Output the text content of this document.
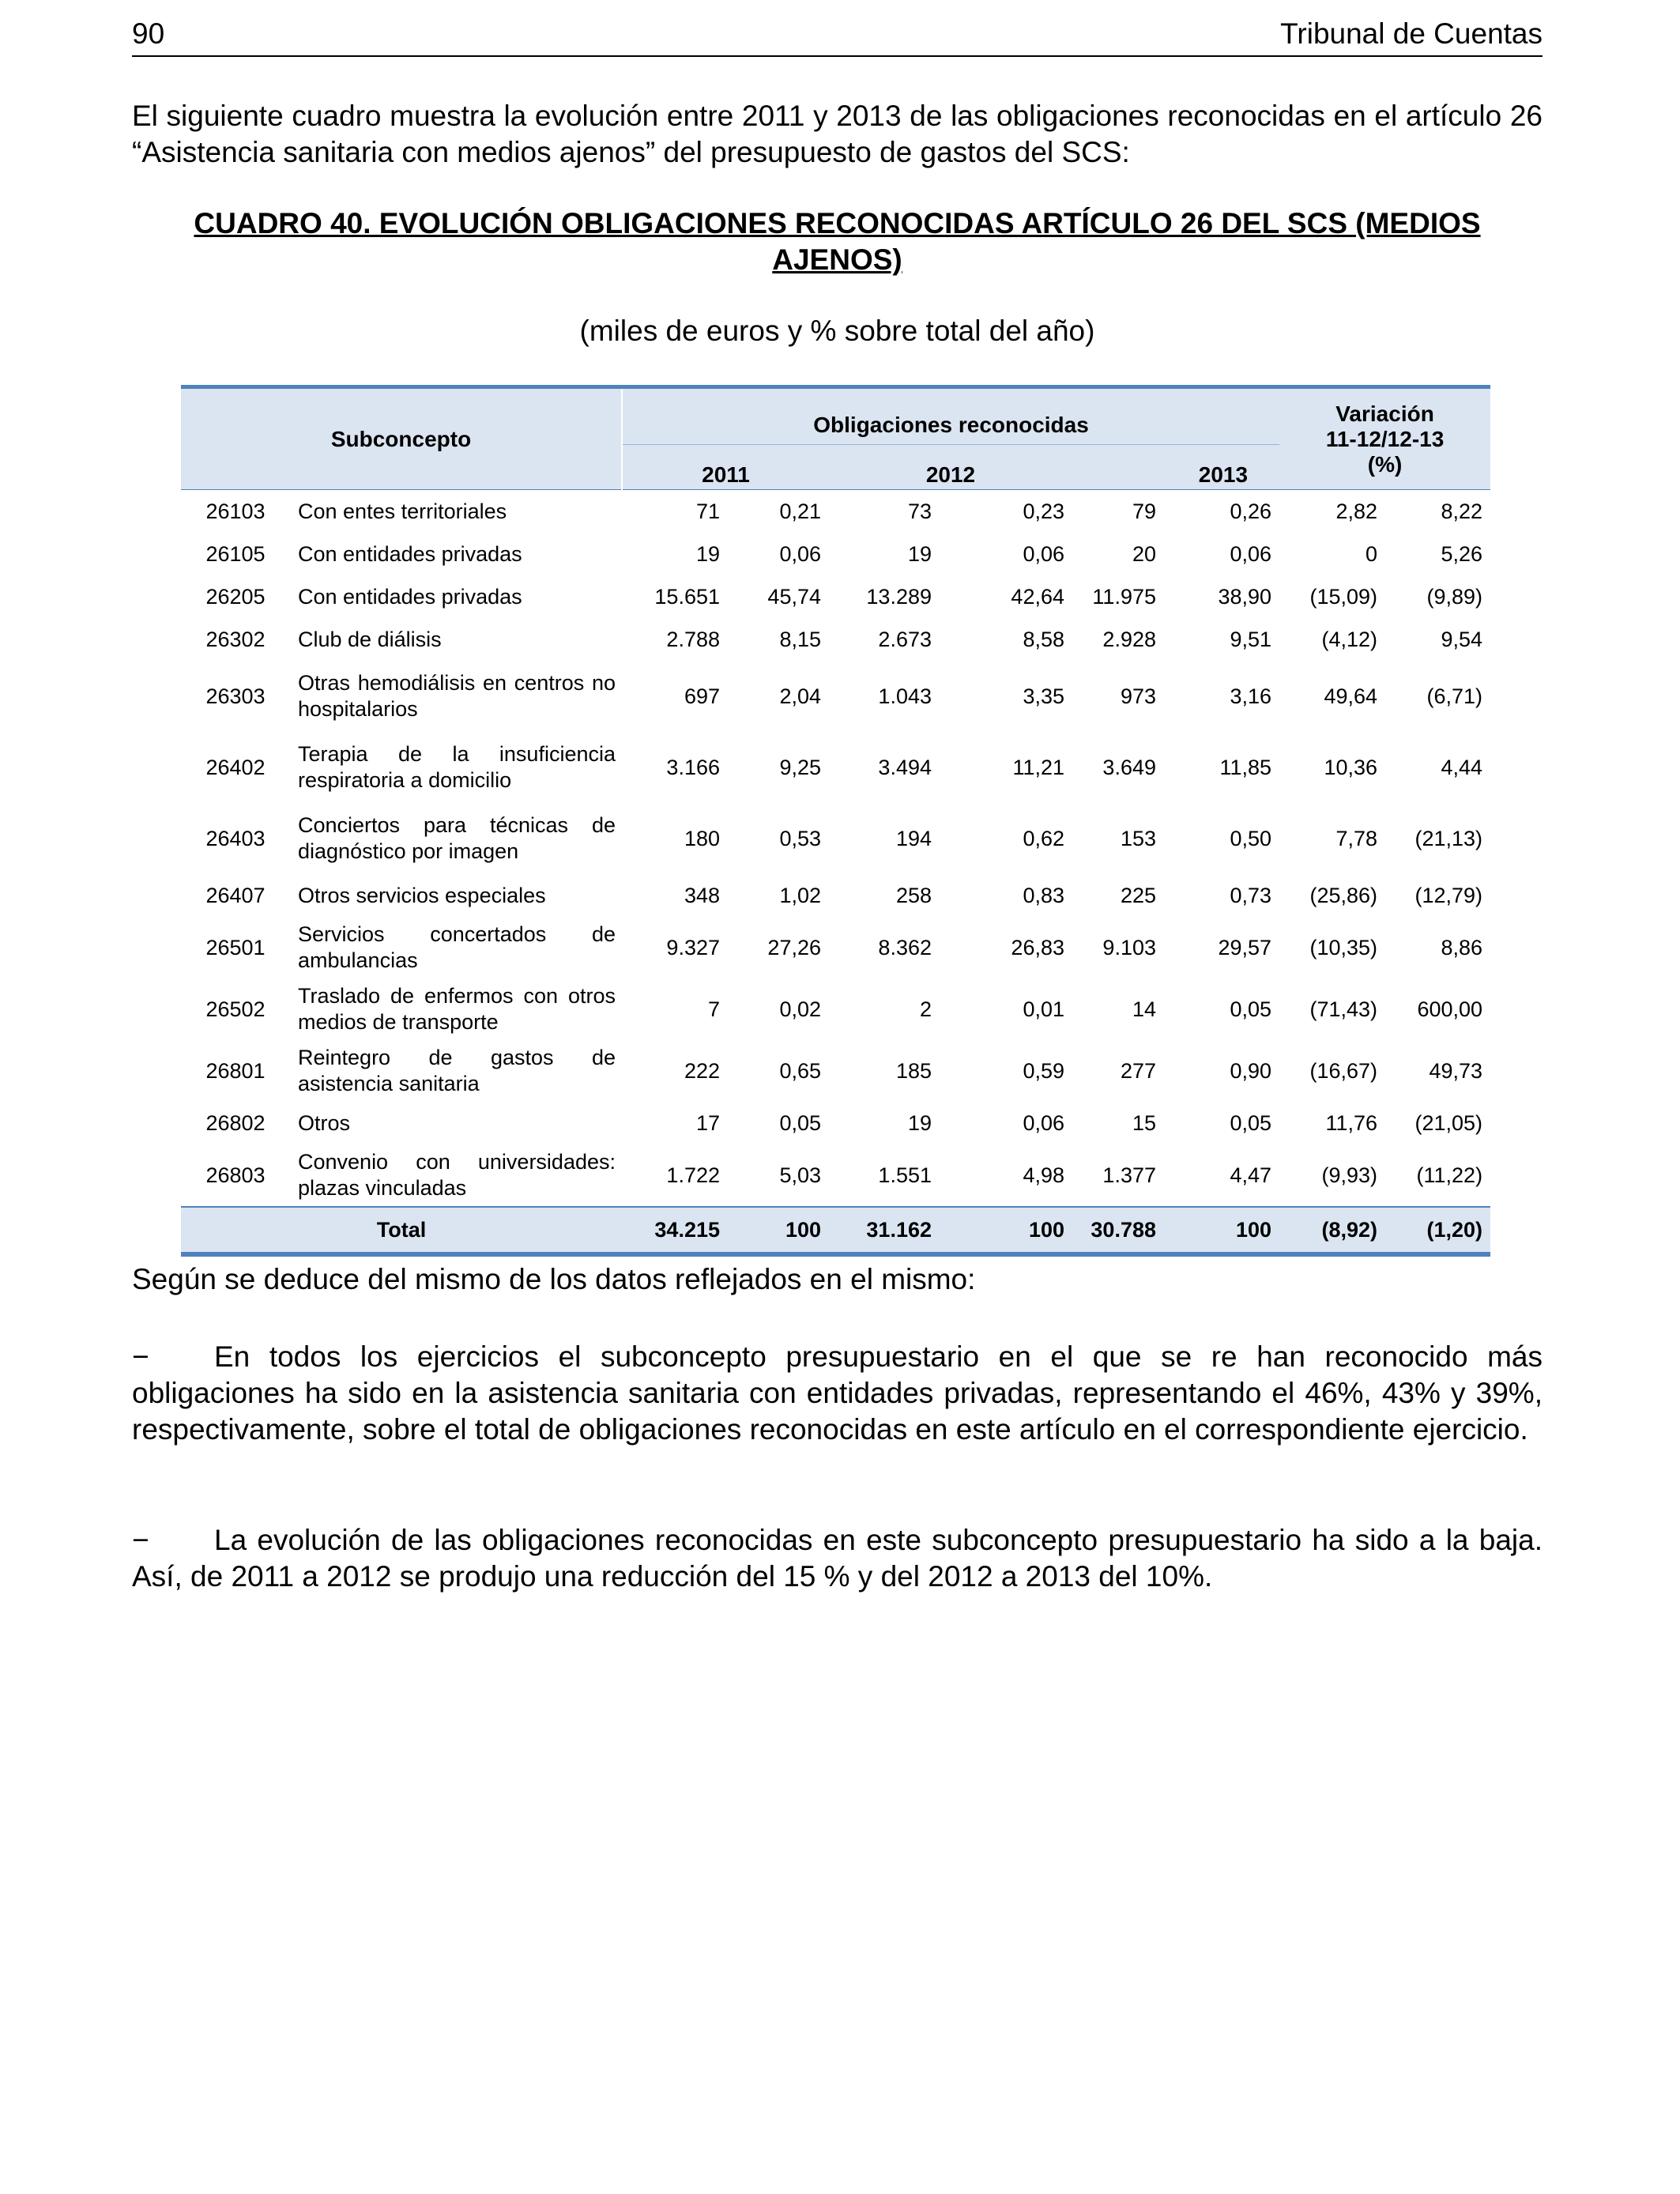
90	Tribunal de Cuentas
El siguiente cuadro muestra la evolución entre 2011 y 2013 de las obligaciones reconocidas en el artículo 26 “Asistencia sanitaria con medios ajenos” del presupuesto de gastos del SCS:
CUADRO 40. EVOLUCIÓN OBLIGACIONES RECONOCIDAS ARTÍCULO 26 DEL SCS (MEDIOS AJENOS)
(miles de euros y % sobre total del año)
Subconcepto		Obligaciones reconocidas						Variación
11-12/12-13
(%)	

		2011		2012		2013			
26103	Con entes territoriales	71	0,21	73	0,23	79	0,26	2,82	8,22
26105	Con entidades privadas	19	0,06	19	0,06	20	0,06	0	5,26
26205	Con entidades privadas	15.651	45,74	13.289	42,64	11.975	38,90	(15,09)	(9,89)
26302	Club de diálisis	2.788	8,15	2.673	8,58	2.928	9,51	(4,12)	9,54
26303	Otras hemodiálisis en centros no hospitalarios	697	2,04	1.043	3,35	973	3,16	49,64	(6,71)
26402	Terapia de la insuficiencia respiratoria a domicilio	3.166	9,25	3.494	11,21	3.649	11,85	10,36	4,44
26403	Conciertos para técnicas de diagnóstico por imagen	180	0,53	194	0,62	153	0,50	7,78	(21,13)
26407	Otros servicios especiales	348	1,02	258	0,83	225	0,73	(25,86)	(12,79)
26501	Servicios concertados de ambulancias	9.327	27,26	8.362	26,83	9.103	29,57	(10,35)	8,86
26502	Traslado de enfermos con otros medios de transporte	7	0,02	2	0,01	14	0,05	(71,43)	600,00
26801	Reintegro de gastos de asistencia sanitaria	222	0,65	185	0,59	277	0,90	(16,67)	49,73
26802	Otros	17	0,05	19	0,06	15	0,05	11,76	(21,05)
26803	Convenio con universidades: plazas vinculadas	1.722	5,03	1.551	4,98	1.377	4,47	(9,93)	(11,22)
Total		34.215	100	31.162	100	30.788	100	(8,92)	(1,20)
Según se deduce del mismo de los datos reflejados en el mismo:
− En todos los ejercicios el subconcepto presupuestario en el que se re han reconocido más obligaciones ha sido en la asistencia sanitaria con entidades privadas, representando el 46%, 43% y 39%, respectivamente, sobre el total de obligaciones reconocidas en este artículo en el correspondiente ejercicio.
− La evolución de las obligaciones reconocidas en este subconcepto presupuestario ha sido a la baja. Así, de 2011 a 2012 se produjo una reducción del 15 % y del 2012 a 2013 del 10%.
